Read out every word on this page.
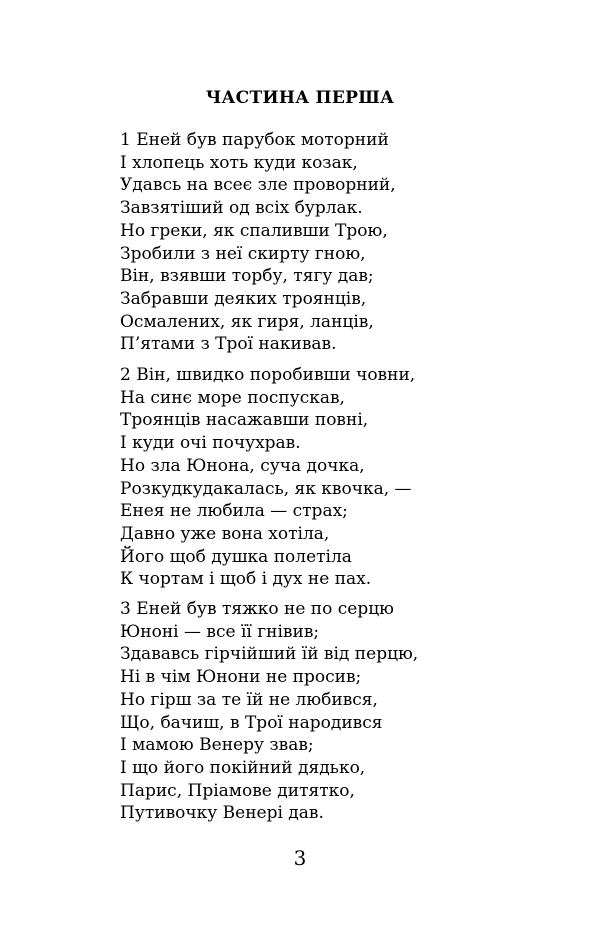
ЧАСТИНА ПЕРША
1 Еней був парубок моторний
І хлопець хоть куди козак,
Удавсь на всеє зле проворний,
Завзятіший од всіх бурлак.
Но греки, як спаливши Трою,
Зробили з неї скирту гною,
Він, взявши торбу, тягу дав;
Забравши деяких троянців,
Осмалених, як гиря, ланців,
П’ятами з Трої накивав.
2 Він, швидко поробивши човни,
На синє море поспускав,
Троянців насажавши повні,
І куди очі почухрав.
Но зла Юнона, суча дочка,
Розкудкудакалась, як квочка, —
Енея не любила — страх;
Давно уже вона хотіла,
Його щоб душка полетіла
К чортам і щоб і дух не пах.
3 Еней був тяжко не по серцю
Юноні — все її гнівив;
Здававсь гірчійший їй від перцю,
Ні в чім Юнони не просив;
Но гірш за те їй не любився,
Що, бачиш, в Трої народився
І мамою Венеру звав;
І що його покійний дядько,
Парис, Пріамове дитятко,
Путивочку Венері дав.
3
